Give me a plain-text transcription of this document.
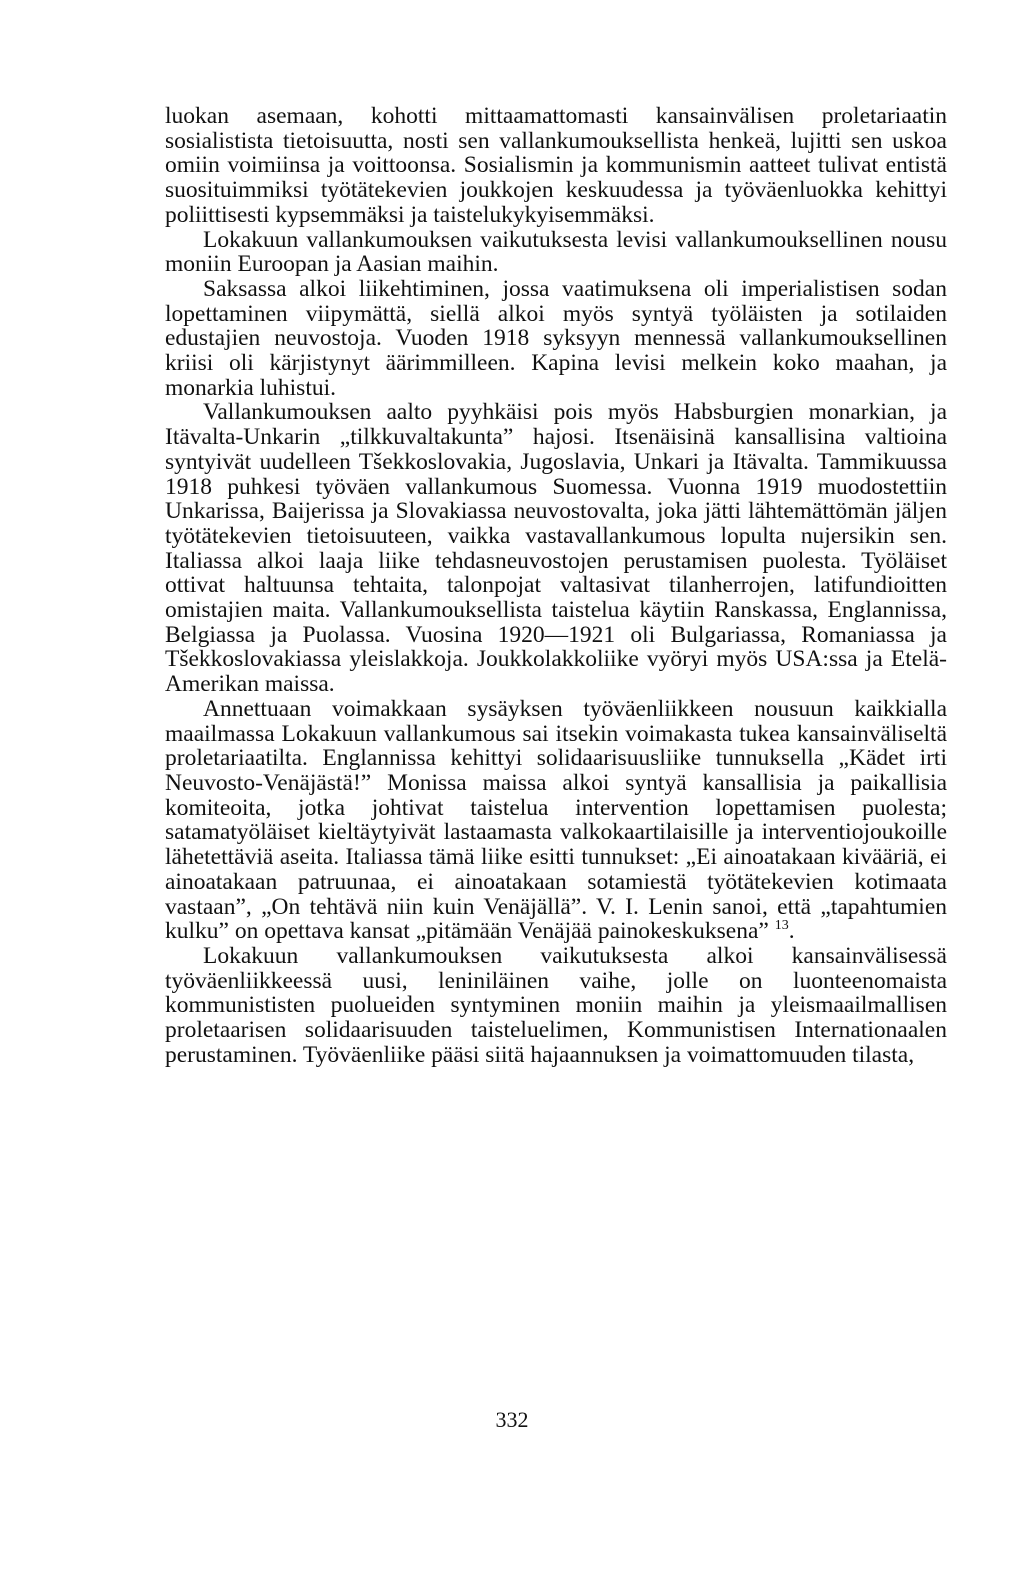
luokan asemaan, kohotti mittaamattomasti kansainvälisen proletariaatin sosialistista tietoisuutta, nosti sen vallankumouksellista henkeä, lujitti sen uskoa omiin voimiinsa ja voittoonsa. Sosialismin ja kommunismin aatteet tulivat entistä suosituimmiksi työtätekevien joukkojen keskuudessa ja työväenluokka kehittyi poliittisesti kypsemmäksi ja taistelukykyisemmäksi.

Lokakuun vallankumouksen vaikutuksesta levisi vallankumouksellinen nousu moniin Euroopan ja Aasian maihin.

Saksassa alkoi liikehtiminen, jossa vaatimuksena oli imperialistisen sodan lopettaminen viipymättä, siellä alkoi myös syntyä työläisten ja sotilaiden edustajien neuvostoja. Vuoden 1918 syksyyn mennessä vallankumouksellinen kriisi oli kärjistynyt äärimmilleen. Kapina levisi melkein koko maahan, ja monarkia luhistui.

Vallankumouksen aalto pyyhkäisi pois myös Habsburgien monarkian, ja Itävalta-Unkarin „tilkkuvaltakunta” hajosi. Itsenäisinä kansallisina valtioina syntyivät uudelleen Tšekkoslovakia, Jugoslavia, Unkari ja Itävalta. Tammikuussa 1918 puhkesi työväen vallankumous Suomessa. Vuonna 1919 muodostettiin Unkarissa, Baijerissa ja Slovakiassa neuvostovalta, joka jätti lähtemättömän jäljen työtätekevien tietoisuuteen, vaikka vastavallankumous lopulta nujersikin sen. Italiassa alkoi laaja liike tehdasneuvostojen perustamisen puolesta. Työläiset ottivat haltuunsa tehtaita, talonpojat valtasivat tilanherrojen, latifundioitten omistajien maita. Vallankumouksellista taistelua käytiin Ranskassa, Englannissa, Belgiassa ja Puolassa. Vuosina 1920—1921 oli Bulgariassa, Romaniassa ja Tšekkoslovakiassa yleislakkoja. Joukkolakkoliike vyöryi myös USA:ssa ja Etelä-Amerikan maissa.

Annettuaan voimakkaan sysäyksen työväenliikkeen nousuun kaikkialla maailmassa Lokakuun vallankumous sai itsekin voimakasta tukea kansainväliseltä proletariaatilta. Englannissa kehittyi solidaarisuusliike tunnuksella „Kädet irti Neuvosto-Venäjästä!” Monissa maissa alkoi syntyä kansallisia ja paikallisia komiteoita, jotka johtivat taistelua intervention lopettamisen puolesta; satamatyöläiset kieltäytyivät lastaamasta valkokaartilaisille ja interventiojoukoille lähetettäviä aseita. Italiassa tämä liike esitti tunnukset: „Ei ainoatakaan kivääriä, ei ainoatakaan patruunaa, ei ainoatakaan sotamiestä työtätekevien kotimaata vastaan”, „On tehtävä niin kuin Venäjällä”. V. I. Lenin sanoi, että „tapahtumien kulku” on opettava kansat „pitämään Venäjää painokeskuksena” $^{13}$.

Lokakuun vallankumouksen vaikutuksesta alkoi kansainvälisessä työväenliikkeessä uusi, leniniläinen vaihe, jolle on luonteenomaista kommunististen puolueiden syntyminen moniin maihin ja yleismaailmallisen proletaarisen solidaarisuuden taisteluelimen, Kommunistisen Internationaalen perustaminen. Työväenliike pääsi siitä hajaannuksen ja voimattomuuden tilasta,

332
